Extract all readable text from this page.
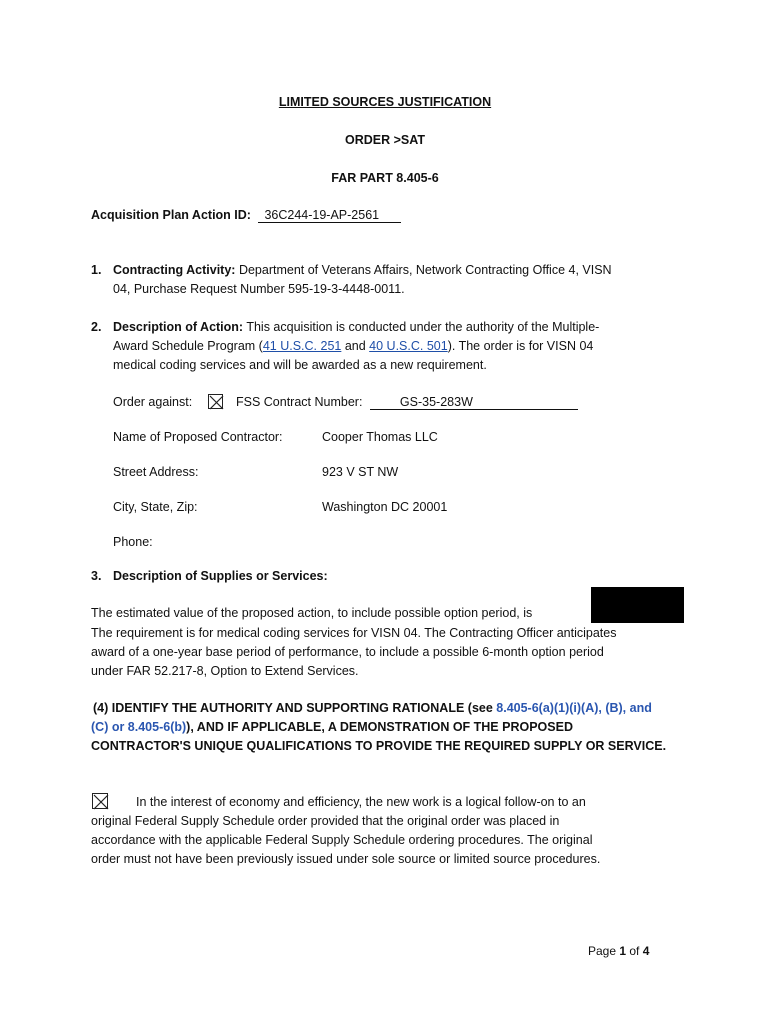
LIMITED SOURCES JUSTIFICATION
ORDER >SAT
FAR PART 8.405-6
Acquisition Plan Action ID: 36C244-19-AP-2561
1. Contracting Activity: Department of Veterans Affairs, Network Contracting Office 4, VISN
04, Purchase Request Number 595-19-3-4448-0011.
2. Description of Action: This acquisition is conducted under the authority of the Multiple-
Award Schedule Program (41 U.S.C. 251 and 40 U.S.C. 501). The order is for VISN 04
medical coding services and will be awarded as a new requirement.
Order against:	FSS Contract Number:	GS-35-283W
Name of Proposed Contractor:	Cooper Thomas LLC
Street Address:	923 V ST NW
City, State, Zip:	Washington DC 20001
Phone:
3. Description of Supplies or Services:
The estimated value of the proposed action, to include possible option period, is
The requirement is for medical coding services for VISN 04. The Contracting Officer anticipates
award of a one-year base period of performance, to include a possible 6-month option period
under FAR 52.217-8, Option to Extend Services.
(4) IDENTIFY THE AUTHORITY AND SUPPORTING RATIONALE (see 8.405-6(a)(1)(i)(A), (B), and
(C) or 8.405-6(b)), AND IF APPLICABLE, A DEMONSTRATION OF THE PROPOSED
CONTRACTOR'S UNIQUE QUALIFICATIONS TO PROVIDE THE REQUIRED SUPPLY OR SERVICE.
In the interest of economy and efficiency, the new work is a logical follow-on to an
original Federal Supply Schedule order provided that the original order was placed in
accordance with the applicable Federal Supply Schedule ordering procedures. The original
order must not have been previously issued under sole source or limited source procedures.
Page 1 of 4
